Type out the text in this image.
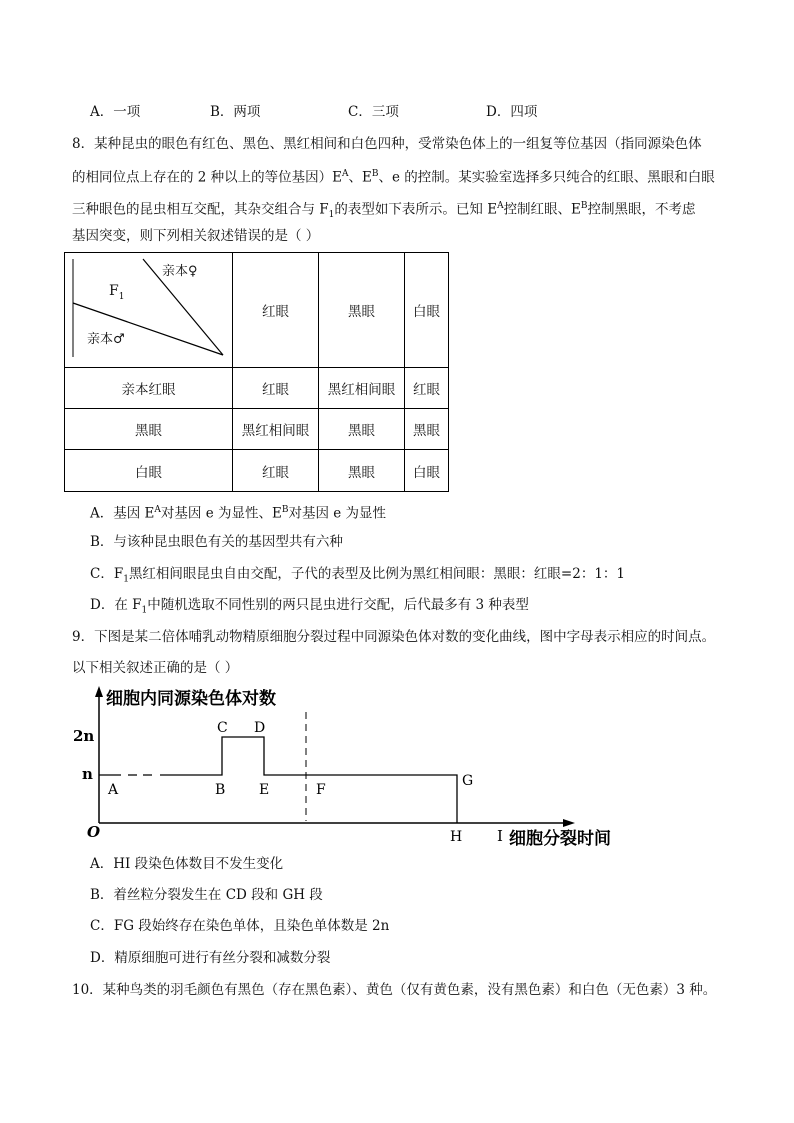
A．一项	B．两项	C．三项	D．四项
8．某种昆虫的眼色有红色、黑色、黑红相间和白色四种，受常染色体上的一组复等位基因（指同源染色体
的相同位点上存在的 2 种以上的等位基因）$E^A$、$E^B$、e 的控制。某实验室选择多只纯合的红眼、黑眼和白眼
三种眼色的昆虫相互交配，其杂交组合与 $F_1$的表型如下表所示。已知 $E^A$控制红眼、$E^B$控制黑眼，不考虑
基因突变，则下列相关叙述错误的是（ ）
亲本♀
$F_1$
亲本♂	红眼	黑眼	白眼
亲本红眼	红眼	黑红相间眼	红眼
黑眼	黑红相间眼	黑眼	黑眼
白眼	红眼	黑眼	白眼
A．基因 $E^A$对基因 e 为显性、$E^B$对基因 e 为显性
B．与该种昆虫眼色有关的基因型共有六种
C．$F_1$黑红相间眼昆虫自由交配，子代的表型及比例为黑红相间眼：黑眼：红眼=2：1：1
D．在 $F_1$中随机选取不同性别的两只昆虫进行交配，后代最多有 3 种表型
9．下图是某二倍体哺乳动物精原细胞分裂过程中同源染色体对数的变化曲线，图中字母表示相应的时间点。
以下相关叙述正确的是（ ）
细胞内同源染色体对数
细胞分裂时间
2n
n
O
A	B
C D
E	F
G
H I
A．HI 段染色体数目不发生变化
B．着丝粒分裂发生在 CD 段和 GH 段
C．FG 段始终存在染色单体，且染色单体数是 2n
D．精原细胞可进行有丝分裂和减数分裂
10．某种鸟类的羽毛颜色有黑色（存在黑色素）、黄色（仅有黄色素，没有黑色素）和白色（无色素）3 种。
